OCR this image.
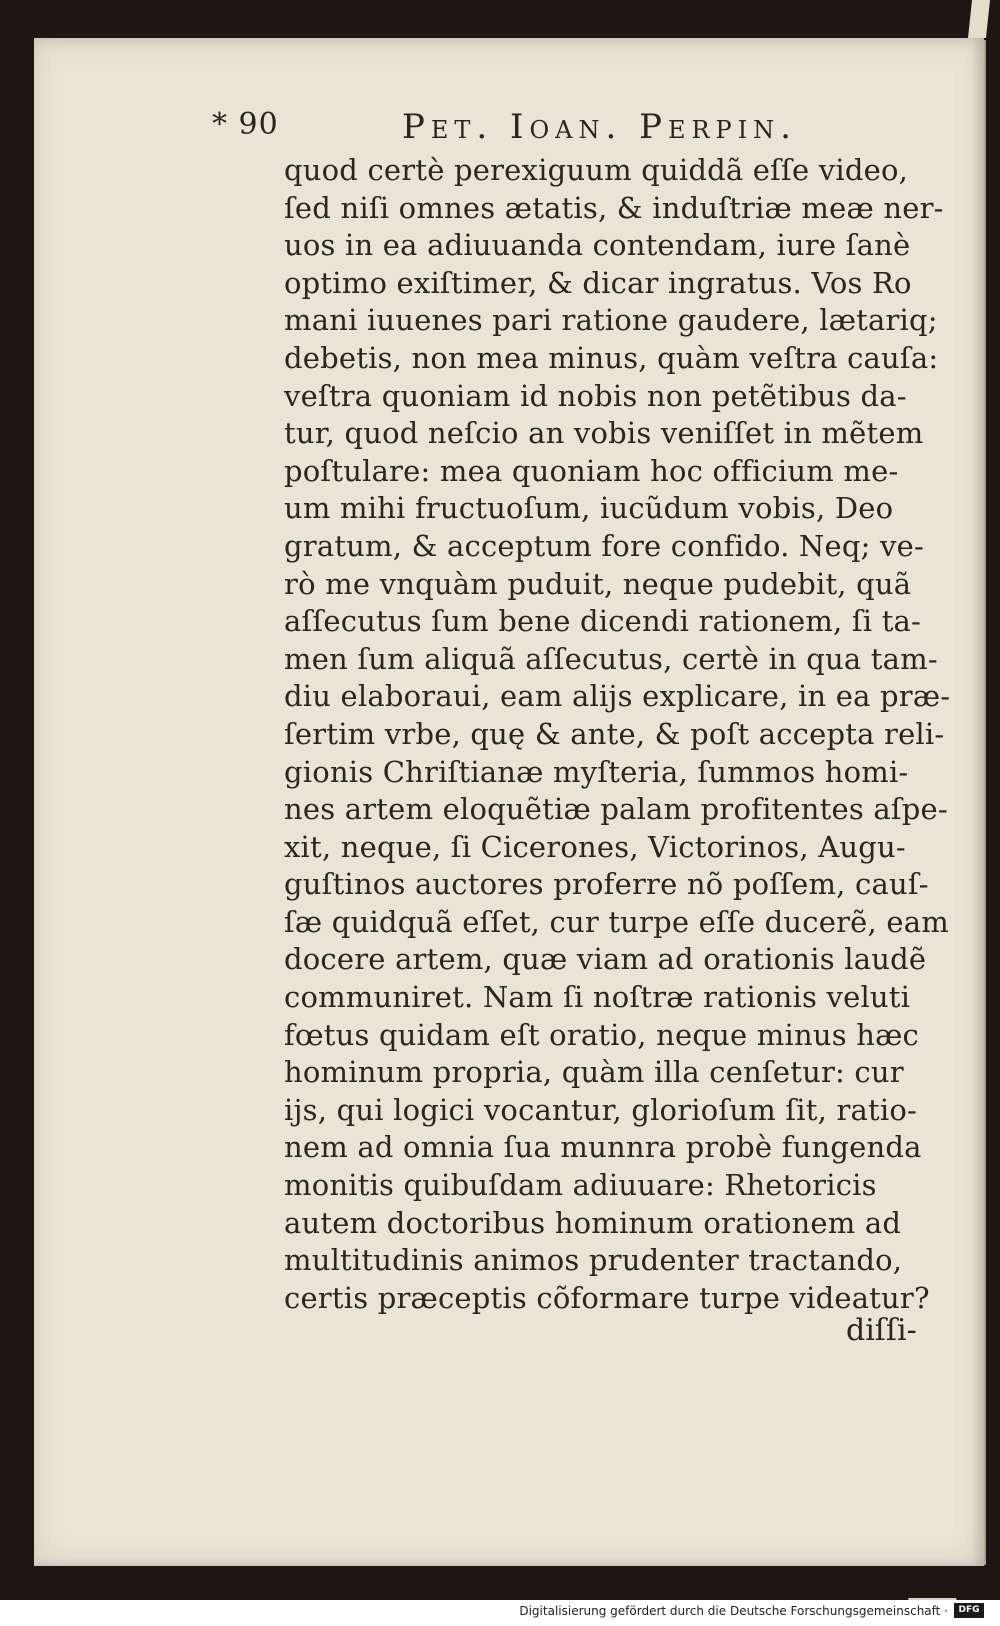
* 90	Pet. Ioan. Perpin.
quod certè perexiguum quiddã eſſe video,
ſed niſi omnes ætatis, & induſtriæ meæ ner-
uos in ea adiuuanda contendam, iure ſanè
optimo exiſtimer, & dicar ingratus. Vos Ro
mani iuuenes pari ratione gaudere, lætariq;
debetis, non mea minus, quàm veſtra cauſa:
veſtra quoniam id nobis non petẽtibus da-
tur, quod neſcio an vobis veniſſet in mẽtem
poſtulare: mea quoniam hoc officium me-
um mihi fructuoſum, iucũdum vobis, Deo
gratum, & acceptum fore confido. Neq; ve-
rò me vnquàm puduit, neque pudebit, quã
aſſecutus ſum bene dicendi rationem, ſi ta-
men ſum aliquã aſſecutus, certè in qua tam-
diu elaboraui, eam alijs explicare, in ea præ-
ſertim vrbe, quę & ante, & poſt accepta reli-
gionis Chriſtianæ myſteria, ſummos homi-
nes artem eloquẽtiæ palam profitentes aſpe-
xit, neque, ſi Cicerones, Victorinos, Augu-
guſtinos auctores proferre nõ poſſem, cauſ-
ſæ quidquã eſſet, cur turpe eſſe ducerẽ, eam
docere artem, quæ viam ad orationis laudẽ
communiret. Nam ſi noſtræ rationis veluti
fœtus quidam eſt oratio, neque minus hæc
hominum propria, quàm illa cenſetur: cur
ijs, qui logici vocantur, glorioſum ſit, ratio-
nem ad omnia ſua munnra probè fungenda
monitis quibuſdam adiuuare: Rhetoricis
autem doctoribus hominum orationem ad
multitudinis animos prudenter tractando,
certis præceptis cõformare turpe videatur?
diſſi-
Digitalisierung gefördert durch die Deutsche Forschungsgemeinschaft ·	DFG
